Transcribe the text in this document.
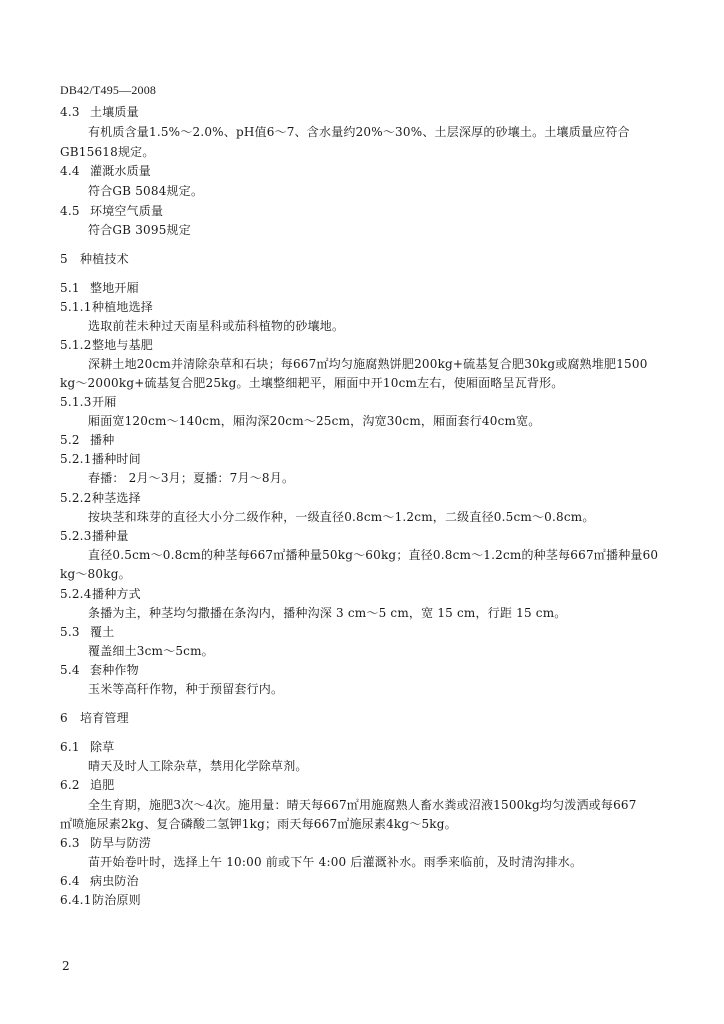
DB42/T495—2008
4.3 土壤质量
有机质含量1.5%～2.0%、pH值6～7、含水量约20%～30%、土层深厚的砂壤土。土壤质量应符合
GB15618规定。
4.4 灌溉水质量
符合GB 5084规定。
4.5 环境空气质量
符合GB 3095规定
5 种植技术
5.1 整地开厢
5.1.1种植地选择
选取前茬未种过天南星科或茄科植物的砂壤地。
5.1.2整地与基肥
深耕土地20cm并清除杂草和石块；每667㎡均匀施腐熟饼肥200kg+硫基复合肥30kg或腐熟堆肥1500
kg～2000kg+硫基复合肥25kg。土壤整细耙平，厢面中开10cm左右，使厢面略呈瓦背形。
5.1.3开厢
厢面宽120cm～140cm，厢沟深20cm～25cm，沟宽30cm，厢面套行40cm宽。
5.2 播种
5.2.1播种时间
春播： 2月～3月；夏播：7月～8月。
5.2.2种茎选择
按块茎和珠芽的直径大小分二级作种，一级直径0.8cm～1.2cm，二级直径0.5cm～0.8cm。
5.2.3播种量
直径0.5cm～0.8cm的种茎每667㎡播种量50kg～60kg；直径0.8cm～1.2cm的种茎每667㎡播种量60
kg～80kg。
5.2.4播种方式
条播为主，种茎均匀撒播在条沟内，播种沟深 3 cm～5 cm，宽 15 cm，行距 15 cm。
5.3 覆土
覆盖细土3cm～5cm。
5.4 套种作物
玉米等高秆作物，种于预留套行内。
6 培育管理
6.1 除草
晴天及时人工除杂草，禁用化学除草剂。
6.2 追肥
全生育期，施肥3次～4次。施用量：晴天每667㎡用施腐熟人畜水粪或沼液1500kg均匀泼洒或每667
㎡喷施尿素2kg、复合磷酸二氢钾1kg；雨天每667㎡施尿素4kg～5kg。
6.3 防旱与防涝
苗开始卷叶时，选择上午 10:00 前或下午 4:00 后灌溉补水。雨季来临前，及时清沟排水。
6.4 病虫防治
6.4.1防治原则
2
